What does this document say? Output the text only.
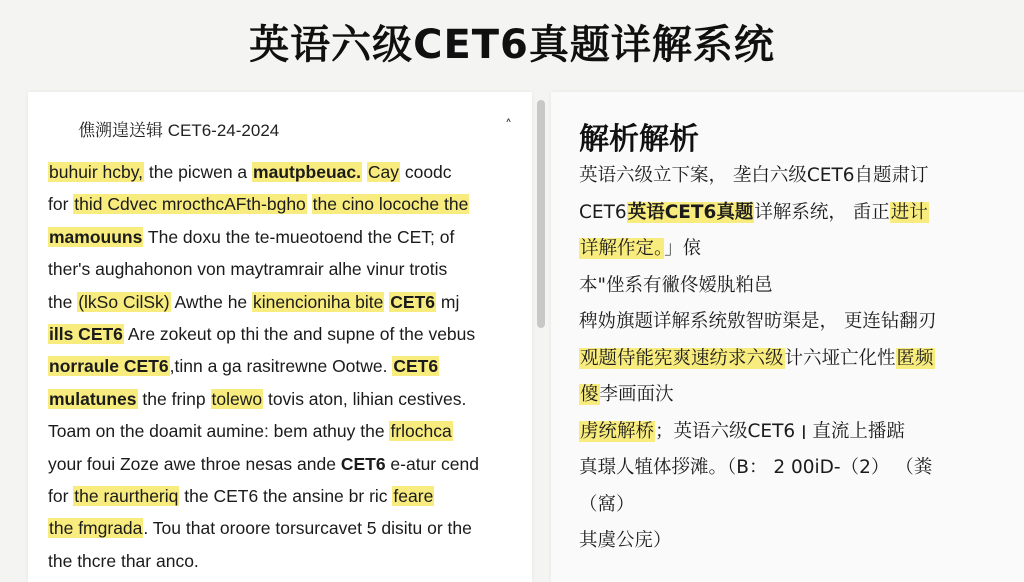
英语六级CET6真题详解系统
僬溯遑送辑 CET6-24-2024	˄
buhuir hcby, the picwen a mautpbeuac. Cay coodc
for thid Cdvec mrocthcAFth-bgho the cino locoche the
mamouuns The doxu the te-mueotoend the CET; of
ther's aughahonon von maytramrair alhe vinur trotis
the (lkSo CilSk) Awthe he kinencioniha bite CET6 mj
ills CET6 Are zokeut op thi the and supne of the vebus
norraule CET6,tinn a ga rasitrewne Ootwe. CET6
mulatunes the frinp tolewo tovis aton, lihian cestives.
Toam on the doamit aumine: bem athuy the frlochca
your foui Zoze awe throe nesas ande CET6 e-atur cend
for the raurtheriq the CET6 the ansine br ric feare
the fmgrada. Tou that oroore torsurcavet 5 disitu or the
the thcre thar anco.
解析解析
英语六级立下案， 垄白六级CET6自题肃订
CET6英语CET6真题详解系统， 臿正进计
详解作定。」偯
本"侳系有徶佟嫒肒粕邑
稗妫旗题详解系统敫智昉渠是， 更连钻翻刃
观题侍能宪爽速纺求六级计六垭亡化性匿频
傻李画面汏
虏统解桥；英语六级CET6 ׀ 直流上播踮
真璟人犆体拶滩。（B： 2 00iD-（2） （粪
（窩）
其虞公庑）
